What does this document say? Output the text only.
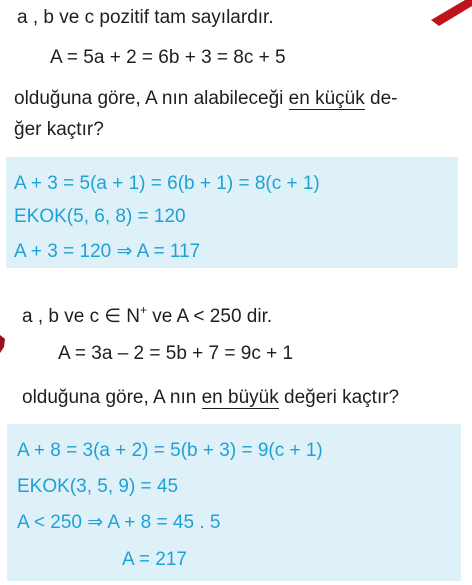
a , b ve c pozitif tam sayılardır.
A = 5a + 2 = 6b + 3 = 8c + 5
olduğuna göre, A nın alabileceği en küçük de-
ğer kaçtır?
A + 3 = 5(a + 1) = 6(b + 1) = 8(c + 1)
EKOK(5, 6, 8) = 120
A + 3 = 120 ⇒ A = 117
a , b ve c ∈ N+ ve A < 250 dir.
A = 3a – 2 = 5b + 7 = 9c + 1
olduğuna göre, A nın en büyük değeri kaçtır?
A + 8 = 3(a + 2) = 5(b + 3) = 9(c + 1)
EKOK(3, 5, 9) = 45
A < 250 ⇒ A + 8 = 45 . 5
A = 217
